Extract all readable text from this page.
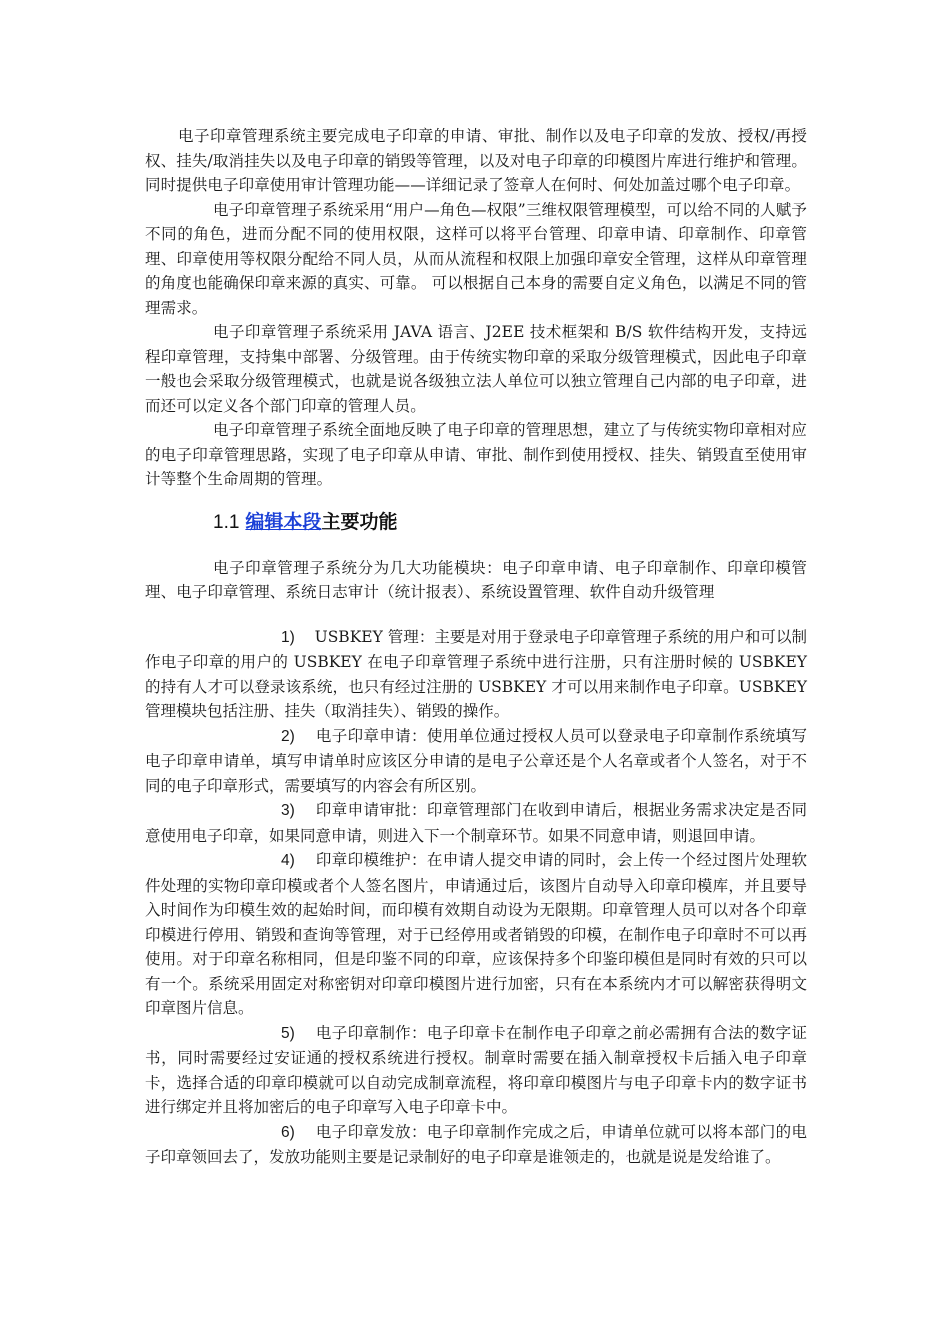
电子印章管理系统主要完成电子印章的申请、审批、制作以及电子印章的发放、授权/再授权、挂失/取消挂失以及电子印章的销毁等管理，以及对电子印章的印模图片库进行维护和管理。同时提供电子印章使用审计管理功能——详细记录了签章人在何时、何处加盖过哪个电子印章。

电子印章管理子系统采用“用户—角色—权限”三维权限管理模型，可以给不同的人赋予不同的角色，进而分配不同的使用权限，这样可以将平台管理、印章申请、印章制作、印章管理、印章使用等权限分配给不同人员，从而从流程和权限上加强印章安全管理，这样从印章管理的角度也能确保印章来源的真实、可靠。 可以根据自己本身的需要自定义角色，以满足不同的管理需求。

电子印章管理子系统采用 JAVA 语言、J2EE 技术框架和 B/S 软件结构开发，支持远程印章管理，支持集中部署、分级管理。由于传统实物印章的采取分级管理模式，因此电子印章一般也会采取分级管理模式，也就是说各级独立法人单位可以独立管理自己内部的电子印章，进而还可以定义各个部门印章的管理人员。

电子印章管理子系统全面地反映了电子印章的管理思想，建立了与传统实物印章相对应的电子印章管理思路，实现了电子印章从申请、审批、制作到使用授权、挂失、销毁直至使用审计等整个生命周期的管理。

1.1 编辑本段主要功能

电子印章管理子系统分为几大功能模块：电子印章申请、电子印章制作、印章印模管理、电子印章管理、系统日志审计（统计报表）、系统设置管理、软件自动升级管理

1) USBKEY 管理：主要是对用于登录电子印章管理子系统的用户和可以制作电子印章的用户的 USBKEY 在电子印章管理子系统中进行注册，只有注册时候的 USBKEY 的持有人才可以登录该系统，也只有经过注册的 USBKEY 才可以用来制作电子印章。USBKEY 管理模块包括注册、挂失（取消挂失）、销毁的操作。

2) 电子印章申请：使用单位通过授权人员可以登录电子印章制作系统填写电子印章申请单，填写申请单时应该区分申请的是电子公章还是个人名章或者个人签名，对于不同的电子印章形式，需要填写的内容会有所区别。

3) 印章申请审批：印章管理部门在收到申请后，根据业务需求决定是否同意使用电子印章，如果同意申请，则进入下一个制章环节。如果不同意申请，则退回申请。

4) 印章印模维护：在申请人提交申请的同时，会上传一个经过图片处理软件处理的实物印章印模或者个人签名图片，申请通过后，该图片自动导入印章印模库，并且要导入时间作为印模生效的起始时间，而印模有效期自动设为无限期。印章管理人员可以对各个印章印模进行停用、销毁和查询等管理，对于已经停用或者销毁的印模，在制作电子印章时不可以再使用。对于印章名称相同，但是印鉴不同的印章，应该保持多个印鉴印模但是同时有效的只可以有一个。系统采用固定对称密钥对印章印模图片进行加密，只有在本系统内才可以解密获得明文印章图片信息。

5) 电子印章制作：电子印章卡在制作电子印章之前必需拥有合法的数字证书，同时需要经过安证通的授权系统进行授权。制章时需要在插入制章授权卡后插入电子印章卡，选择合适的印章印模就可以自动完成制章流程，将印章印模图片与电子印章卡内的数字证书进行绑定并且将加密后的电子印章写入电子印章卡中。

6) 电子印章发放：电子印章制作完成之后，申请单位就可以将本部门的电子印章领回去了，发放功能则主要是记录制好的电子印章是谁领走的，也就是说是发给谁了。
